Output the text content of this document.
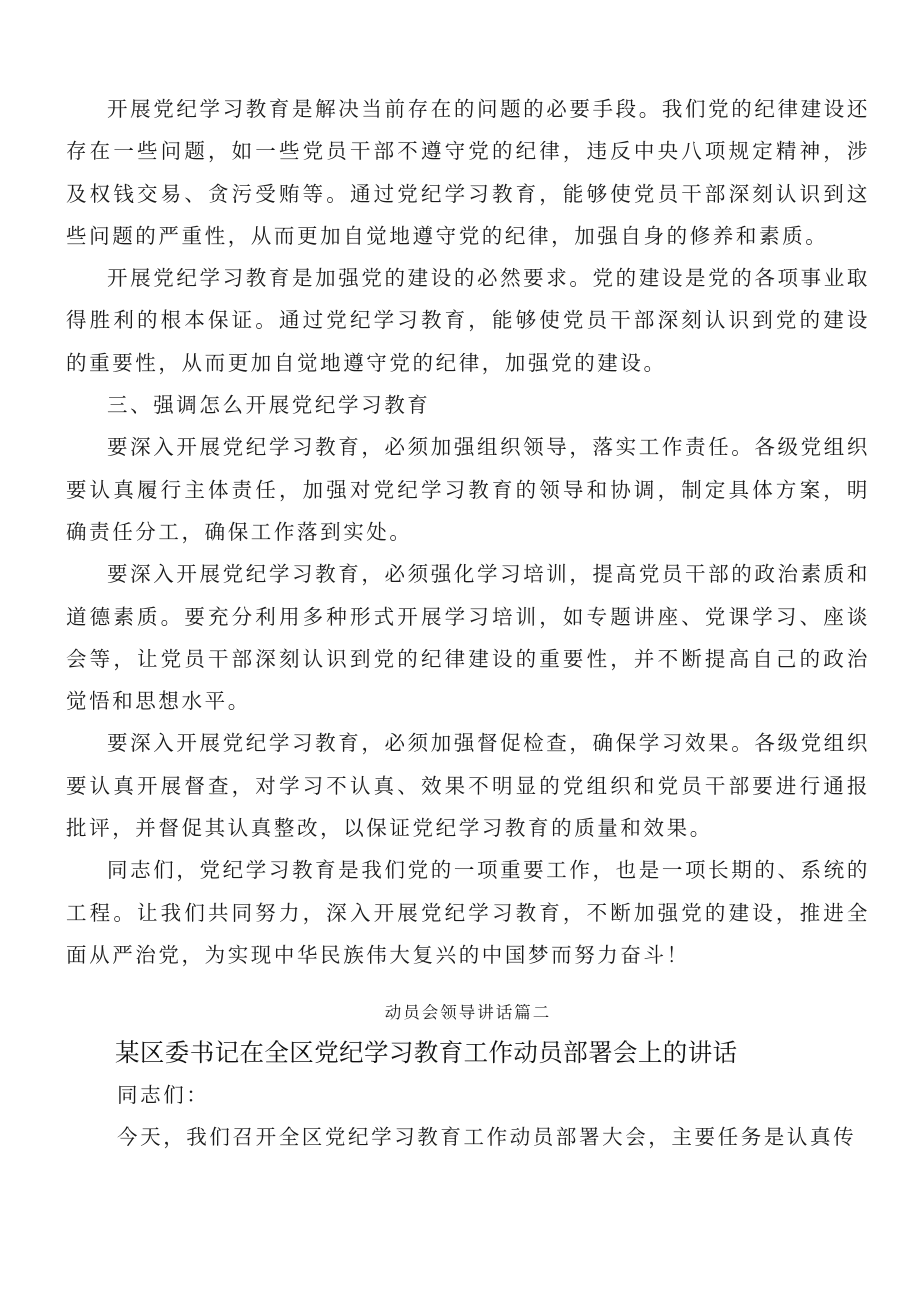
开展党纪学习教育是解决当前存在的问题的必要手段。我们党的纪律建设还存在一些问题，如一些党员干部不遵守党的纪律，违反中央八项规定精神，涉及权钱交易、贪污受贿等。通过党纪学习教育，能够使党员干部深刻认识到这些问题的严重性，从而更加自觉地遵守党的纪律，加强自身的修养和素质。

开展党纪学习教育是加强党的建设的必然要求。党的建设是党的各项事业取得胜利的根本保证。通过党纪学习教育，能够使党员干部深刻认识到党的建设的重要性，从而更加自觉地遵守党的纪律，加强党的建设。

三、强调怎么开展党纪学习教育

要深入开展党纪学习教育，必须加强组织领导，落实工作责任。各级党组织要认真履行主体责任，加强对党纪学习教育的领导和协调，制定具体方案，明确责任分工，确保工作落到实处。

要深入开展党纪学习教育，必须强化学习培训，提高党员干部的政治素质和道德素质。要充分利用多种形式开展学习培训，如专题讲座、党课学习、座谈会等，让党员干部深刻认识到党的纪律建设的重要性，并不断提高自己的政治觉悟和思想水平。

要深入开展党纪学习教育，必须加强督促检查，确保学习效果。各级党组织要认真开展督查，对学习不认真、效果不明显的党组织和党员干部要进行通报批评，并督促其认真整改，以保证党纪学习教育的质量和效果。

同志们，党纪学习教育是我们党的一项重要工作，也是一项长期的、系统的工程。让我们共同努力，深入开展党纪学习教育，不断加强党的建设，推进全面从严治党，为实现中华民族伟大复兴的中国梦而努力奋斗！

动员会领导讲话篇二
某区委书记在全区党纪学习教育工作动员部署会上的讲话

同志们：

今天，我们召开全区党纪学习教育工作动员部署大会，主要任务是认真传
